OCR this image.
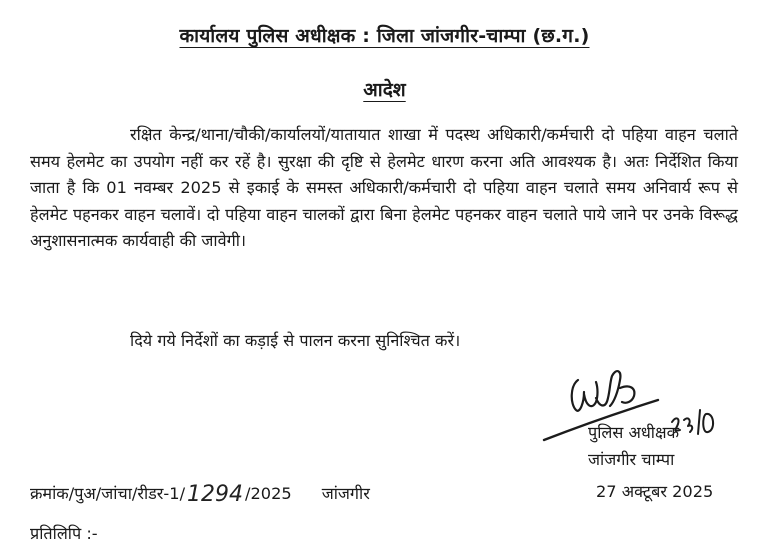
कार्यालय पुलिस अधीक्षक : जिला जांजगीर-चाम्पा (छ.ग.)
आदेश
रक्षित केन्द्र/थाना/चौकी/कार्यालयों/यातायात शाखा में पदस्थ अधिकारी/कर्मचारी दो पहिया वाहन चलाते समय हेलमेट का उपयोग नहीं कर रहें है। सुरक्षा की दृष्टि से हेलमेट धारण करना अति आवश्यक है। अतः निर्देशित किया जाता है कि 01 नवम्बर 2025 से इकाई के समस्त अधिकारी/कर्मचारी दो पहिया वाहन चलाते समय अनिवार्य रूप से हेलमेट पहनकर वाहन चलावें। दो पहिया वाहन चालकों द्वारा बिना हेलमेट पहनकर वाहन चलाते पाये जाने पर उनके विरूद्ध अनुशासनात्मक कार्यवाही की जावेगी।
दिये गये निर्देशों का कड़ाई से पालन करना सुनिश्चित करें।
पुलिस अधीक्षक
जांजगीर चाम्पा
क्रमांक/पुअ/जांचा/रीडर-1/1294 /2025 जांजगीर	27 अक्टूबर 2025
प्रतिलिपि :-
